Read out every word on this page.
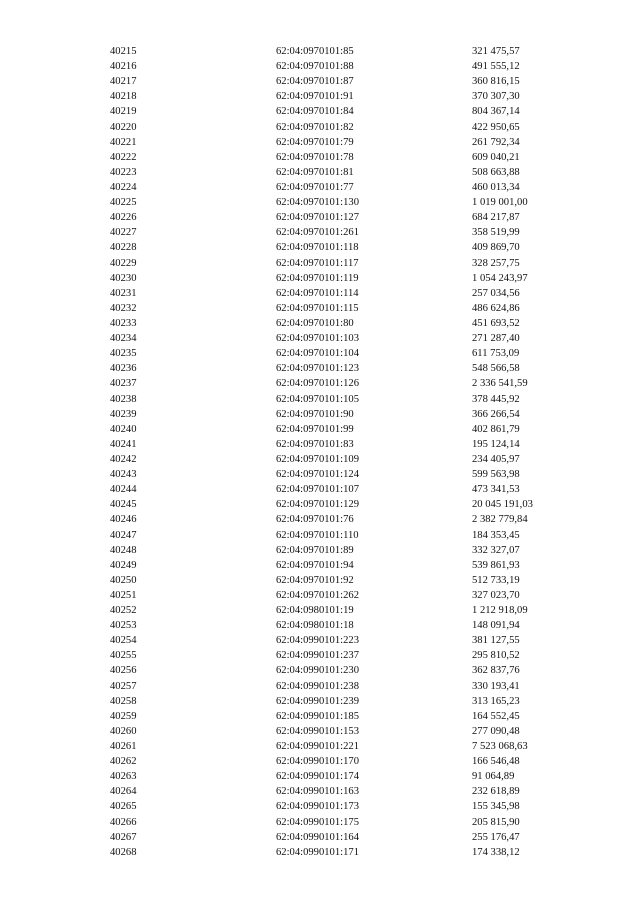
40215	62:04:0970101:85	321 475,57
40216	62:04:0970101:88	491 555,12
40217	62:04:0970101:87	360 816,15
40218	62:04:0970101:91	370 307,30
40219	62:04:0970101:84	804 367,14
40220	62:04:0970101:82	422 950,65
40221	62:04:0970101:79	261 792,34
40222	62:04:0970101:78	609 040,21
40223	62:04:0970101:81	508 663,88
40224	62:04:0970101:77	460 013,34
40225	62:04:0970101:130	1 019 001,00
40226	62:04:0970101:127	684 217,87
40227	62:04:0970101:261	358 519,99
40228	62:04:0970101:118	409 869,70
40229	62:04:0970101:117	328 257,75
40230	62:04:0970101:119	1 054 243,97
40231	62:04:0970101:114	257 034,56
40232	62:04:0970101:115	486 624,86
40233	62:04:0970101:80	451 693,52
40234	62:04:0970101:103	271 287,40
40235	62:04:0970101:104	611 753,09
40236	62:04:0970101:123	548 566,58
40237	62:04:0970101:126	2 336 541,59
40238	62:04:0970101:105	378 445,92
40239	62:04:0970101:90	366 266,54
40240	62:04:0970101:99	402 861,79
40241	62:04:0970101:83	195 124,14
40242	62:04:0970101:109	234 405,97
40243	62:04:0970101:124	599 563,98
40244	62:04:0970101:107	473 341,53
40245	62:04:0970101:129	20 045 191,03
40246	62:04:0970101:76	2 382 779,84
40247	62:04:0970101:110	184 353,45
40248	62:04:0970101:89	332 327,07
40249	62:04:0970101:94	539 861,93
40250	62:04:0970101:92	512 733,19
40251	62:04:0970101:262	327 023,70
40252	62:04:0980101:19	1 212 918,09
40253	62:04:0980101:18	148 091,94
40254	62:04:0990101:223	381 127,55
40255	62:04:0990101:237	295 810,52
40256	62:04:0990101:230	362 837,76
40257	62:04:0990101:238	330 193,41
40258	62:04:0990101:239	313 165,23
40259	62:04:0990101:185	164 552,45
40260	62:04:0990101:153	277 090,48
40261	62:04:0990101:221	7 523 068,63
40262	62:04:0990101:170	166 546,48
40263	62:04:0990101:174	91 064,89
40264	62:04:0990101:163	232 618,89
40265	62:04:0990101:173	155 345,98
40266	62:04:0990101:175	205 815,90
40267	62:04:0990101:164	255 176,47
40268	62:04:0990101:171	174 338,12
